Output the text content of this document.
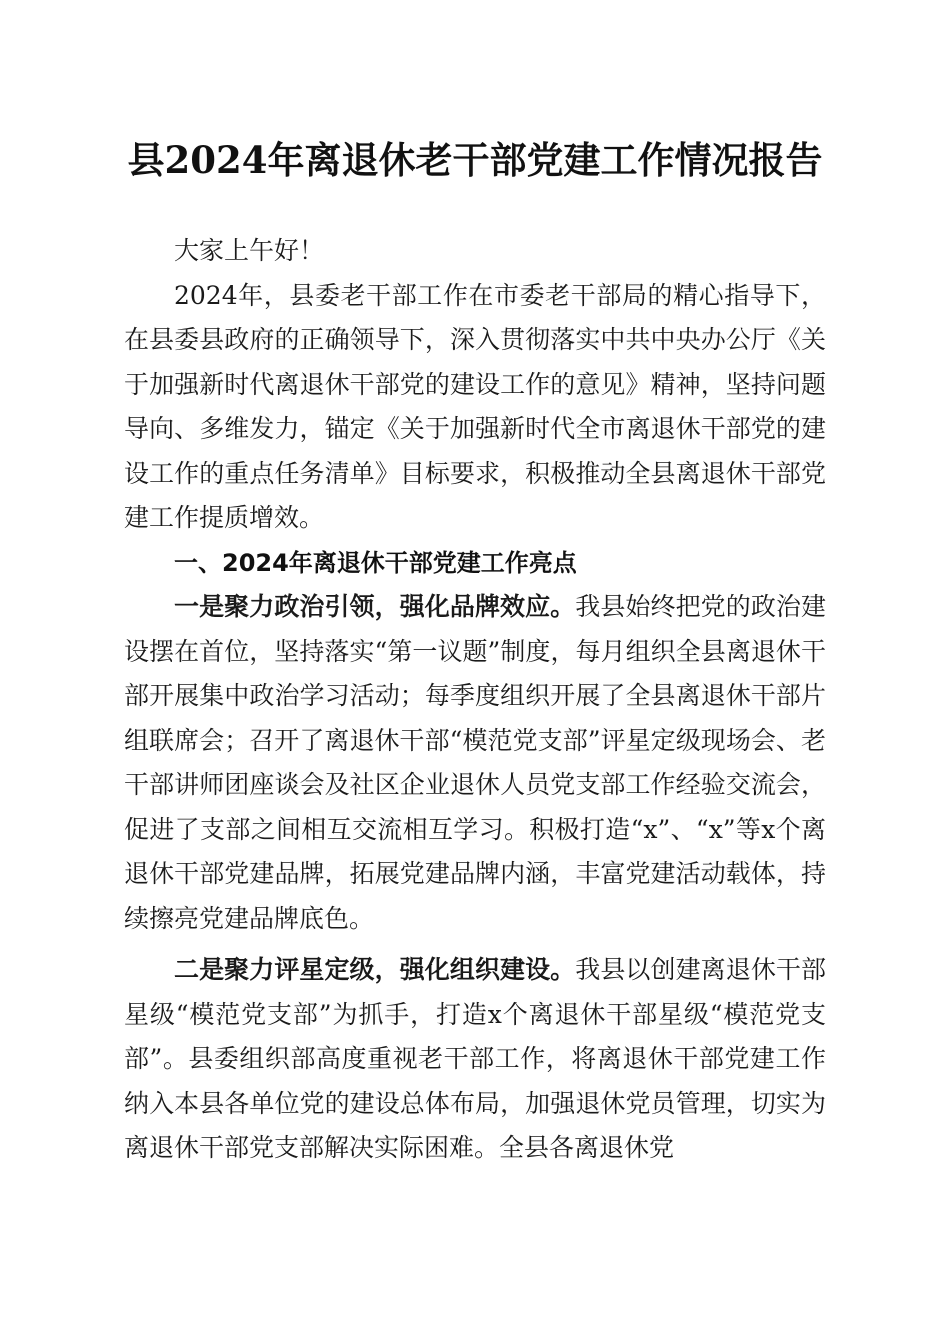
县2024年离退休老干部党建工作情况报告

大家上午好！

2024年，县委老干部工作在市委老干部局的精心指导下，在县委县政府的正确领导下，深入贯彻落实中共中央办公厅《关于加强新时代离退休干部党的建设工作的意见》精神，坚持问题导向、多维发力，锚定《关于加强新时代全市离退休干部党的建设工作的重点任务清单》目标要求，积极推动全县离退休干部党建工作提质增效。

一、2024年离退休干部党建工作亮点

一是聚力政治引领，强化品牌效应。我县始终把党的政治建设摆在首位，坚持落实“第一议题”制度，每月组织全县离退休干部开展集中政治学习活动；每季度组织开展了全县离退休干部片组联席会；召开了离退休干部“模范党支部”评星定级现场会、老干部讲师团座谈会及社区企业退休人员党支部工作经验交流会，促进了支部之间相互交流相互学习。积极打造“x”、“x”等x个离退休干部党建品牌，拓展党建品牌内涵，丰富党建活动载体，持续擦亮党建品牌底色。

二是聚力评星定级，强化组织建设。我县以创建离退休干部星级“模范党支部”为抓手，打造x个离退休干部星级“模范党支部”。县委组织部高度重视老干部工作，将离退休干部党建工作纳入本县各单位党的建设总体布局，加强退休党员管理，切实为离退休干部党支部解决实际困难。全县各离退休党
